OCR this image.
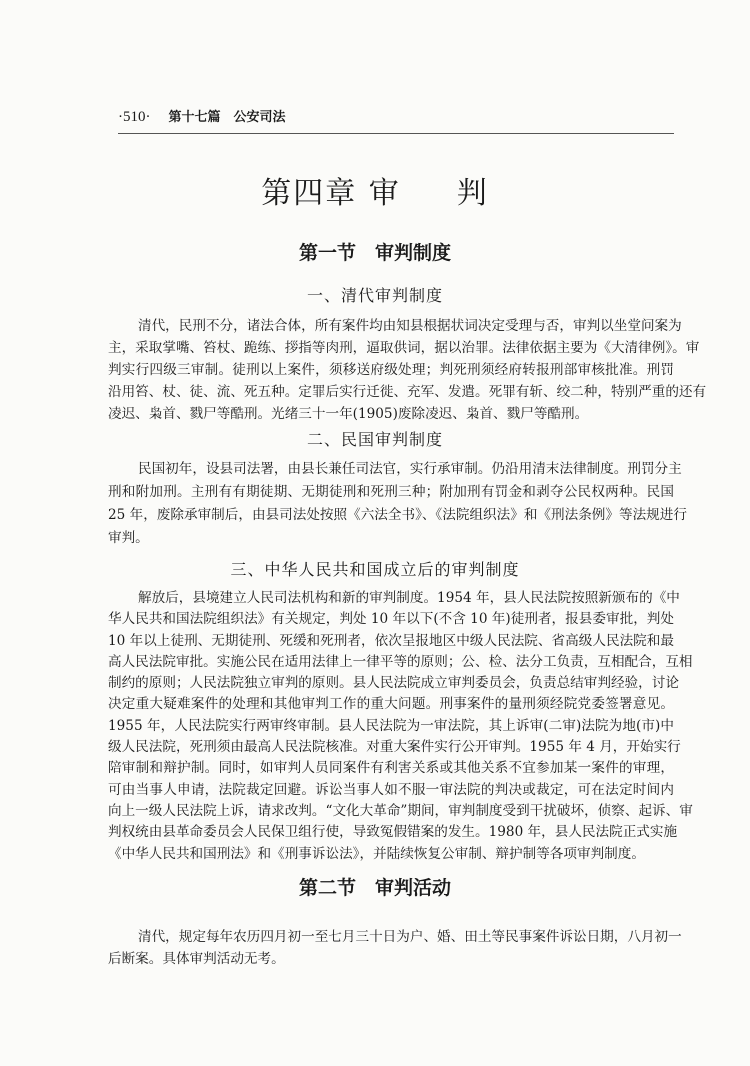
·510· 第十七篇　公安司法
第四章 审 判
第一节　审判制度
一、清代审判制度
清代，民刑不分，诸法合体，所有案件均由知县根据状词决定受理与否，审判以坐堂问案为
主，采取掌嘴、笞杖、跪练、拶指等肉刑，逼取供词，据以治罪。法律依据主要为《大清律例》。审
判实行四级三审制。徒刑以上案件，须移送府级处理；判死刑须经府转报刑部审核批准。刑罚
沿用笞、杖、徒、流、死五种。定罪后实行迁徙、充军、发遣。死罪有斩、绞二种，特别严重的还有
凌迟、枭首、戮尸等酷刑。光绪三十一年(1905)废除凌迟、枭首、戮尸等酷刑。
二、民国审判制度
民国初年，设县司法署，由县长兼任司法官，实行承审制。仍沿用清末法律制度。刑罚分主
刑和附加刑。主刑有有期徒期、无期徒刑和死刑三种；附加刑有罚金和剥夺公民权两种。民国
25 年，废除承审制后，由县司法处按照《六法全书》、《法院组织法》和《刑法条例》等法规进行
审判。
三、中华人民共和国成立后的审判制度
解放后，县境建立人民司法机构和新的审判制度。1954 年，县人民法院按照新颁布的《中
华人民共和国法院组织法》有关规定，判处 10 年以下(不含 10 年)徒刑者，报县委审批，判处
10 年以上徒刑、无期徒刑、死缓和死刑者，依次呈报地区中级人民法院、省高级人民法院和最
高人民法院审批。实施公民在适用法律上一律平等的原则；公、检、法分工负责，互相配合，互相
制约的原则；人民法院独立审判的原则。县人民法院成立审判委员会，负责总结审判经验，讨论
决定重大疑难案件的处理和其他审判工作的重大问题。刑事案件的量刑须经院党委签署意见。
1955 年，人民法院实行两审终审制。县人民法院为一审法院，其上诉审(二审)法院为地(市)中
级人民法院，死刑须由最高人民法院核准。对重大案件实行公开审判。1955 年 4 月，开始实行
陪审制和辩护制。同时，如审判人员同案件有利害关系或其他关系不宜参加某一案件的审理，
可由当事人申请，法院裁定回避。诉讼当事人如不服一审法院的判决或裁定，可在法定时间内
向上一级人民法院上诉，请求改判。“文化大革命”期间，审判制度受到干扰破坏，侦察、起诉、审
判权统由县革命委员会人民保卫组行使，导致冤假错案的发生。1980 年，县人民法院正式实施
《中华人民共和国刑法》和《刑事诉讼法》，并陆续恢复公审制、辩护制等各项审判制度。
第二节　审判活动
清代，规定每年农历四月初一至七月三十日为户、婚、田土等民事案件诉讼日期，八月初一
后断案。具体审判活动无考。
